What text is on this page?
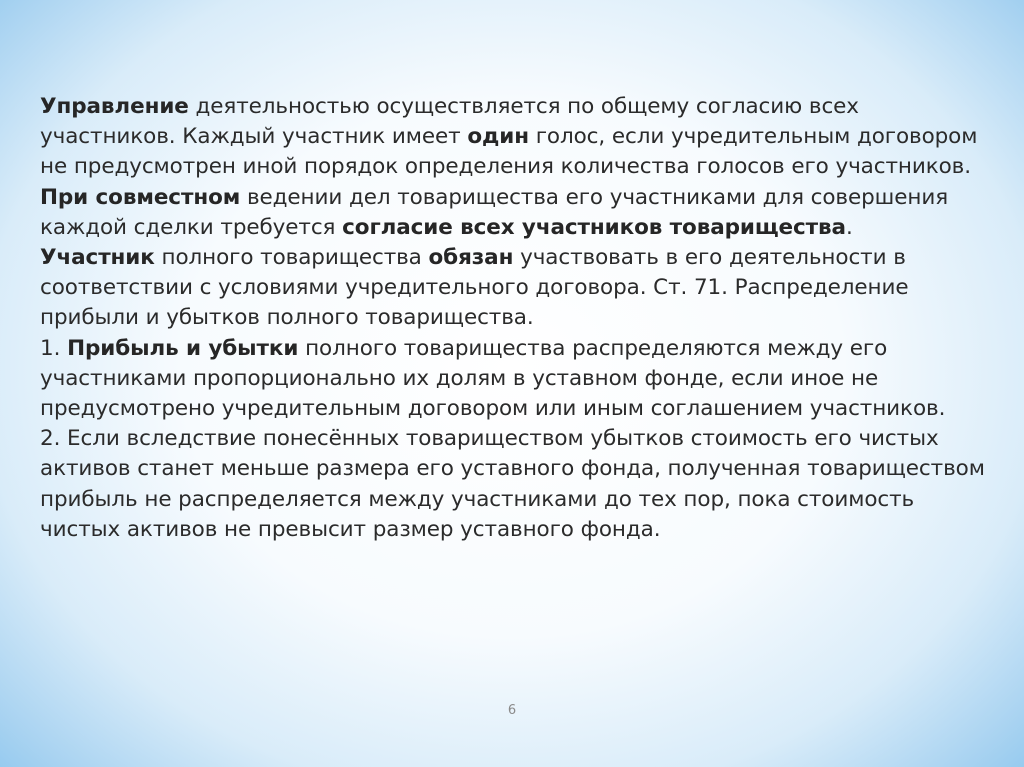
Управление деятельностью осуществляется по общему согласию всех участников. Каждый участник имеет один голос, если учредительным договором не предусмотрен иной порядок определения количества голосов его участников.

При совместном ведении дел товарищества его участниками для совершения каждой сделки требуется согласие всех участников товарищества.

Участник полного товарищества обязан участвовать в его деятельности в соответствии с условиями учредительного договора. Ст. 71. Распределение прибыли и убытков полного товарищества.

1. Прибыль и убытки полного товарищества распределяются между его участниками пропорционально их долям в уставном фонде, если иное не предусмотрено учредительным договором или иным соглашением участников.

2. Если вследствие понесённых товариществом убытков стоимость его чистых активов станет меньше размера его уставного фонда, полученная товариществом прибыль не распределяется между участниками до тех пор, пока стоимость чистых активов не превысит размер уставного фонда.

6
